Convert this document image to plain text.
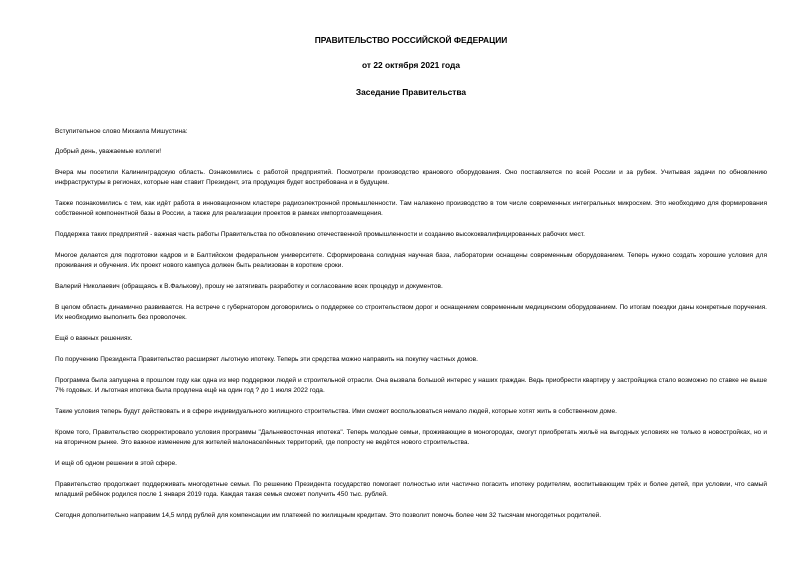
ПРАВИТЕЛЬСТВО РОССИЙСКОЙ ФЕДЕРАЦИИ
от 22 октября 2021 года
Заседание Правительства

Вступительное слово Михаила Мишустина:

Добрый день, уважаемые коллеги!

Вчера мы посетили Калининградскую область. Ознакомились с работой предприятий. Посмотрели производство кранового оборудования. Оно поставляется по всей России и за рубеж. Учитывая задачи по обновлению инфраструктуры в регионах, которые нам ставит Президент, эта продукция будет востребована и в будущем.

Также познакомились с тем, как идёт работа в инновационном кластере радиоэлектронной промышленности. Там налажено производство в том числе современных интегральных микросхем. Это необходимо для формирования собственной компонентной базы в России, а также для реализации проектов в рамках импортозамещения.

Поддержка таких предприятий - важная часть работы Правительства по обновлению отечественной промышленности и созданию высококвалифицированных рабочих мест.

Многое делается для подготовки кадров и в Балтийском федеральном университете. Сформирована солидная научная база, лаборатории оснащены современным оборудованием. Теперь нужно создать хорошие условия для проживания и обучения. Их проект нового кампуса должен быть реализован в короткие сроки.

Валерий Николаевич (обращаясь к В.Фалькову), прошу не затягивать разработку и согласование всех процедур и документов.

В целом область динамично развивается. На встрече с губернатором договорились о поддержке со строительством дорог и оснащением современным медицинским оборудованием. По итогам поездки даны конкретные поручения. Их необходимо выполнить без проволочек.

Ещё о важных решениях.

По поручению Президента Правительство расширяет льготную ипотеку. Теперь эти средства можно направить на покупку частных домов.

Программа была запущена в прошлом году как одна из мер поддержки людей и строительной отрасли. Она вызвала большой интерес у наших граждан. Ведь приобрести квартиру у застройщика стало возможно по ставке не выше 7% годовых. И льготная ипотека была продлена ещё на один год ? до 1 июля 2022 года.

Такие условия теперь будут действовать и в сфере индивидуального жилищного строительства. Ими сможет воспользоваться немало людей, которые хотят жить в собственном доме.

Кроме того, Правительство скорректировало условия программы "Дальневосточная ипотека". Теперь молодые семьи, проживающие в моногородах, смогут приобретать жильё на выгодных условиях не только в новостройках, но и на вторичном рынке. Это важное изменение для жителей малонаселённых территорий, где попросту не ведётся нового строительства.

И ещё об одном решении в этой сфере.

Правительство продолжает поддерживать многодетные семьи. По решению Президента государство помогает полностью или частично погасить ипотеку родителям, воспитывающим трёх и более детей, при условии, что самый младший ребёнок родился после 1 января 2019 года. Каждая такая семья сможет получить 450 тыс. рублей.

Сегодня дополнительно направим 14,5 млрд рублей для компенсации им платежей по жилищным кредитам. Это позволит помочь более чем 32 тысячам многодетных родителей.
